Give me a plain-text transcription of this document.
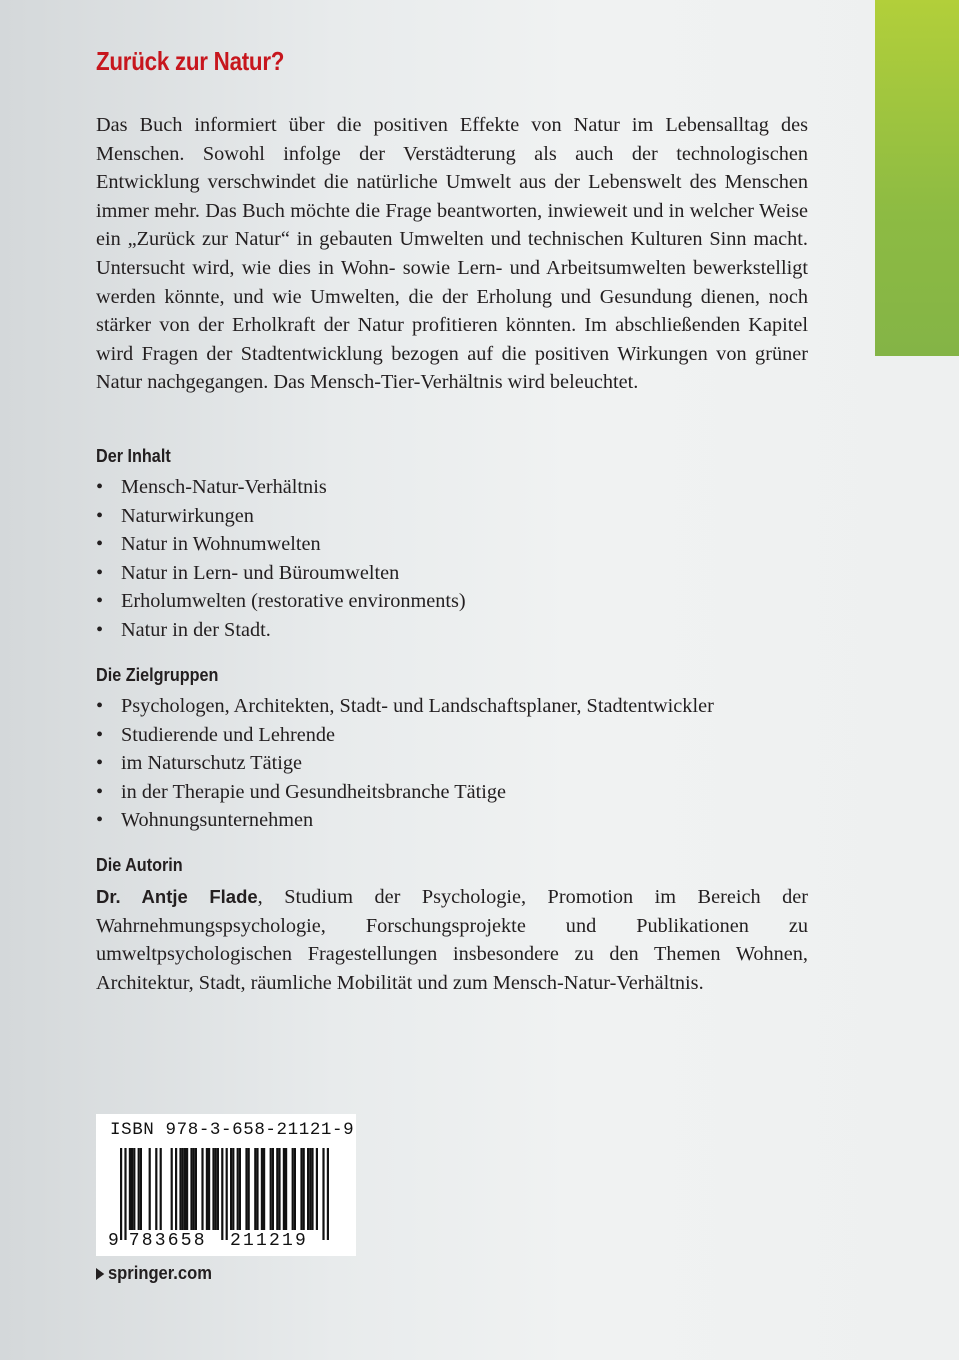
Zurück zur Natur?

Das Buch informiert über die positiven Effekte von Natur im Lebensalltag des Menschen. Sowohl infolge der Verstädterung als auch der technologischen Entwicklung verschwindet die natürliche Umwelt aus der Lebenswelt des Menschen immer mehr. Das Buch möchte die Frage beantworten, inwieweit und in welcher Weise ein „Zurück zur Natur“ in gebauten Umwelten und technischen Kulturen Sinn macht. Untersucht wird, wie dies in Wohn- sowie Lern- und Arbeitsumwelten bewerkstelligt werden könnte, und wie Umwelten, die der Erholung und Gesundung dienen, noch stärker von der Erholkraft der Natur profitieren könnten. Im abschließenden Kapitel wird Fragen der Stadtentwicklung bezogen auf die positiven Wirkungen von grüner Natur nachgegangen. Das Mensch-Tier-Verhältnis wird beleuchtet.

Der Inhalt
• Mensch-Natur-Verhältnis
• Naturwirkungen
• Natur in Wohnumwelten
• Natur in Lern- und Büroumwelten
• Erholumwelten (restorative environments)
• Natur in der Stadt.
Die Zielgruppen
• Psychologen, Architekten, Stadt- und Landschaftsplaner, Stadtentwickler
• Studierende und Lehrende
• im Naturschutz Tätige
• in der Therapie und Gesundheitsbranche Tätige
• Wohnungsunternehmen
Die Autorin

Dr. Antje Flade, Studium der Psychologie, Promotion im Bereich der Wahrnehmungspsychologie, Forschungsprojekte und Publikationen zu umweltpsychologischen Fragestellungen insbesondere zu den Themen Wohnen, Architektur, Stadt, räumliche Mobilität und zum Mensch-Natur-Verhältnis.

ISBN 978-3-658-21121-9
9 783658 211219
springer.com
